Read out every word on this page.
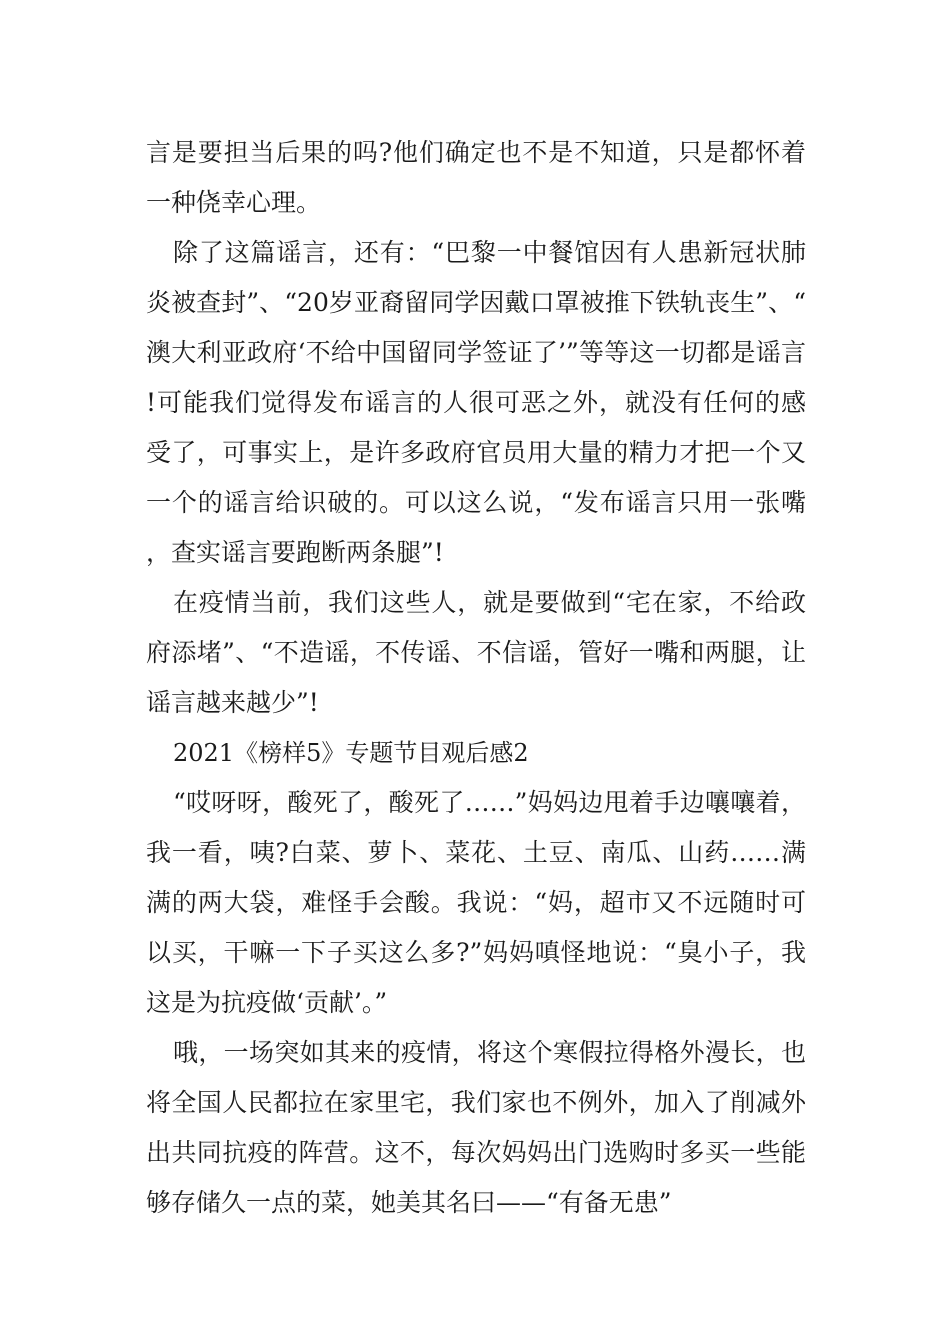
言是要担当后果的吗?他们确定也不是不知道，只是都怀着一种侥幸心理。

除了这篇谣言，还有：“巴黎一中餐馆因有人患新冠状肺炎被查封”、“20岁亚裔留同学因戴口罩被推下铁轨丧生”、“澳大利亚政府‘不给中国留同学签证了’”等等这一切都是谣言!可能我们觉得发布谣言的人很可恶之外，就没有任何的感受了，可事实上，是许多政府官员用大量的精力才把一个又一个的谣言给识破的。可以这么说，“发布谣言只用一张嘴，查实谣言要跑断两条腿”!

在疫情当前，我们这些人，就是要做到“宅在家，不给政府添堵”、“不造谣，不传谣、不信谣，管好一嘴和两腿，让谣言越来越少”!

2021《榜样5》专题节目观后感2

“哎呀呀，酸死了，酸死了……”妈妈边甩着手边嚷嚷着，我一看，咦?白菜、萝卜、菜花、土豆、南瓜、山药……满满的两大袋，难怪手会酸。我说：“妈，超市又不远随时可以买，干嘛一下子买这么多?”妈妈嗔怪地说：“臭小子，我这是为抗疫做‘贡献’。”

哦，一场突如其来的疫情，将这个寒假拉得格外漫长，也将全国人民都拉在家里宅，我们家也不例外，加入了削减外出共同抗疫的阵营。这不，每次妈妈出门选购时多买一些能够存储久一点的菜，她美其名曰——“有备无患”
